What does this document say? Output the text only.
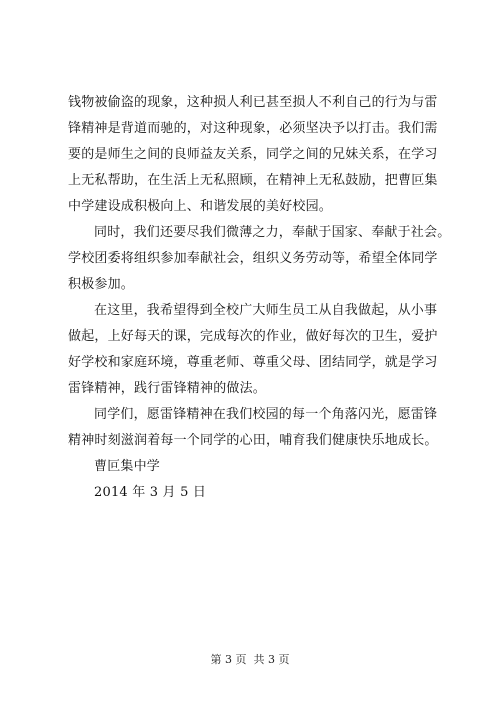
钱物被偷盗的现象，这种损人利已甚至损人不利自己的行为与雷
锋精神是背道而驰的，对这种现象，必须坚决予以打击。我们需
要的是师生之间的良师益友关系，同学之间的兄妹关系，在学习
上无私帮助，在生活上无私照顾，在精神上无私鼓励，把曹叵集
中学建设成积极向上、和谐发展的美好校园。
同时，我们还要尽我们微薄之力，奉献于国家、奉献于社会。
学校团委将组织参加奉献社会，组织义务劳动等，希望全体同学
积极参加。
在这里，我希望得到全校广大师生员工从自我做起，从小事
做起，上好每天的课，完成每次的作业，做好每次的卫生，爱护
好学校和家庭环境，尊重老师、尊重父母、团结同学，就是学习
雷锋精神，践行雷锋精神的做法。
同学们，愿雷锋精神在我们校园的每一个角落闪光，愿雷锋
精神时刻滋润着每一个同学的心田，哺育我们健康快乐地成长。
曹叵集中学
2014 年 3 月 5 日
第 3 页  共 3 页
